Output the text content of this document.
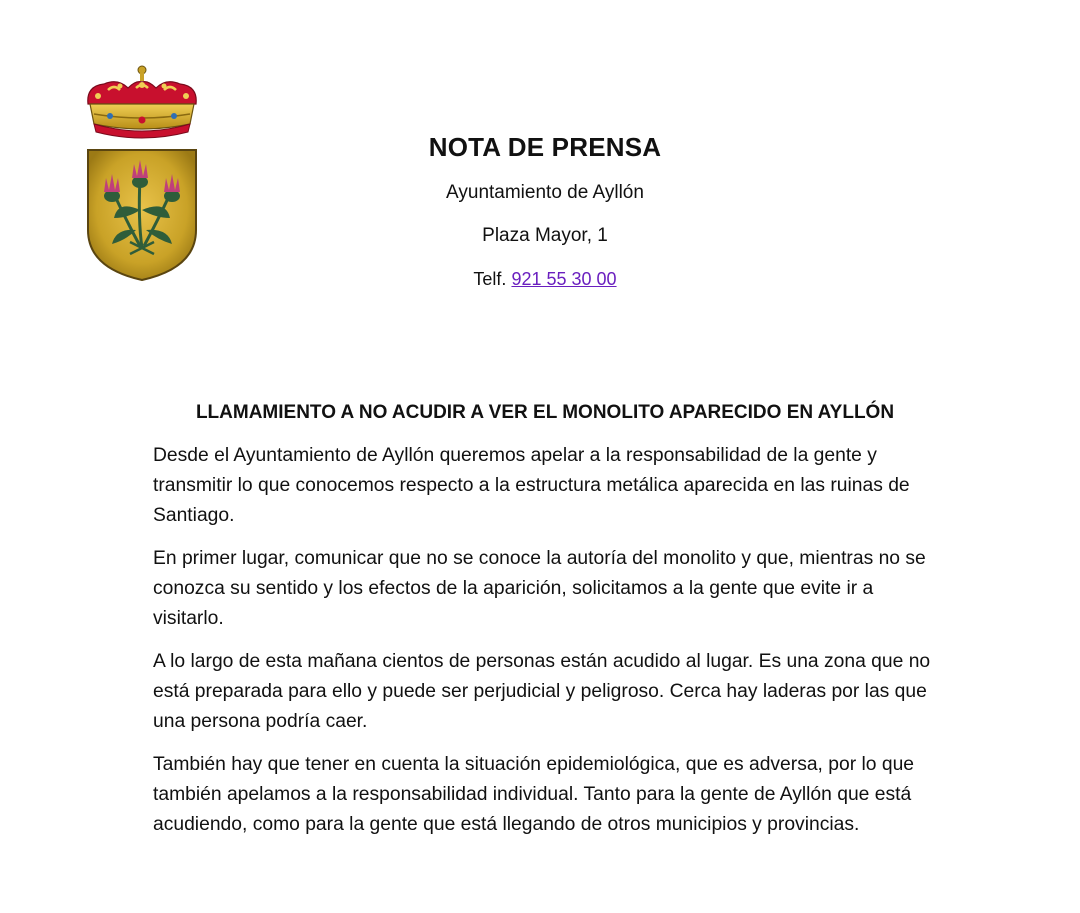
NOTA DE PRENSA

Ayuntamiento de Ayllón

Plaza Mayor, 1

Telf. 921 55 30 00

LLAMAMIENTO A NO ACUDIR A VER EL MONOLITO APARECIDO EN AYLLÓN

Desde el Ayuntamiento de Ayllón queremos apelar a la responsabilidad de la gente y transmitir lo que conocemos respecto a la estructura metálica aparecida en las ruinas de Santiago.

En primer lugar, comunicar que no se conoce la autoría del monolito y que, mientras no se conozca su sentido y los efectos de la aparición, solicitamos a la gente que evite ir a visitarlo.

A lo largo de esta mañana cientos de personas están acudido al lugar. Es una zona que no está preparada para ello y puede ser perjudicial y peligroso. Cerca hay laderas por las que una persona podría caer.

También hay que tener en cuenta la situación epidemiológica, que es adversa, por lo que también apelamos a la responsabilidad individual. Tanto para la gente de Ayllón que está acudiendo, como para la gente que está llegando de otros municipios y provincias.
